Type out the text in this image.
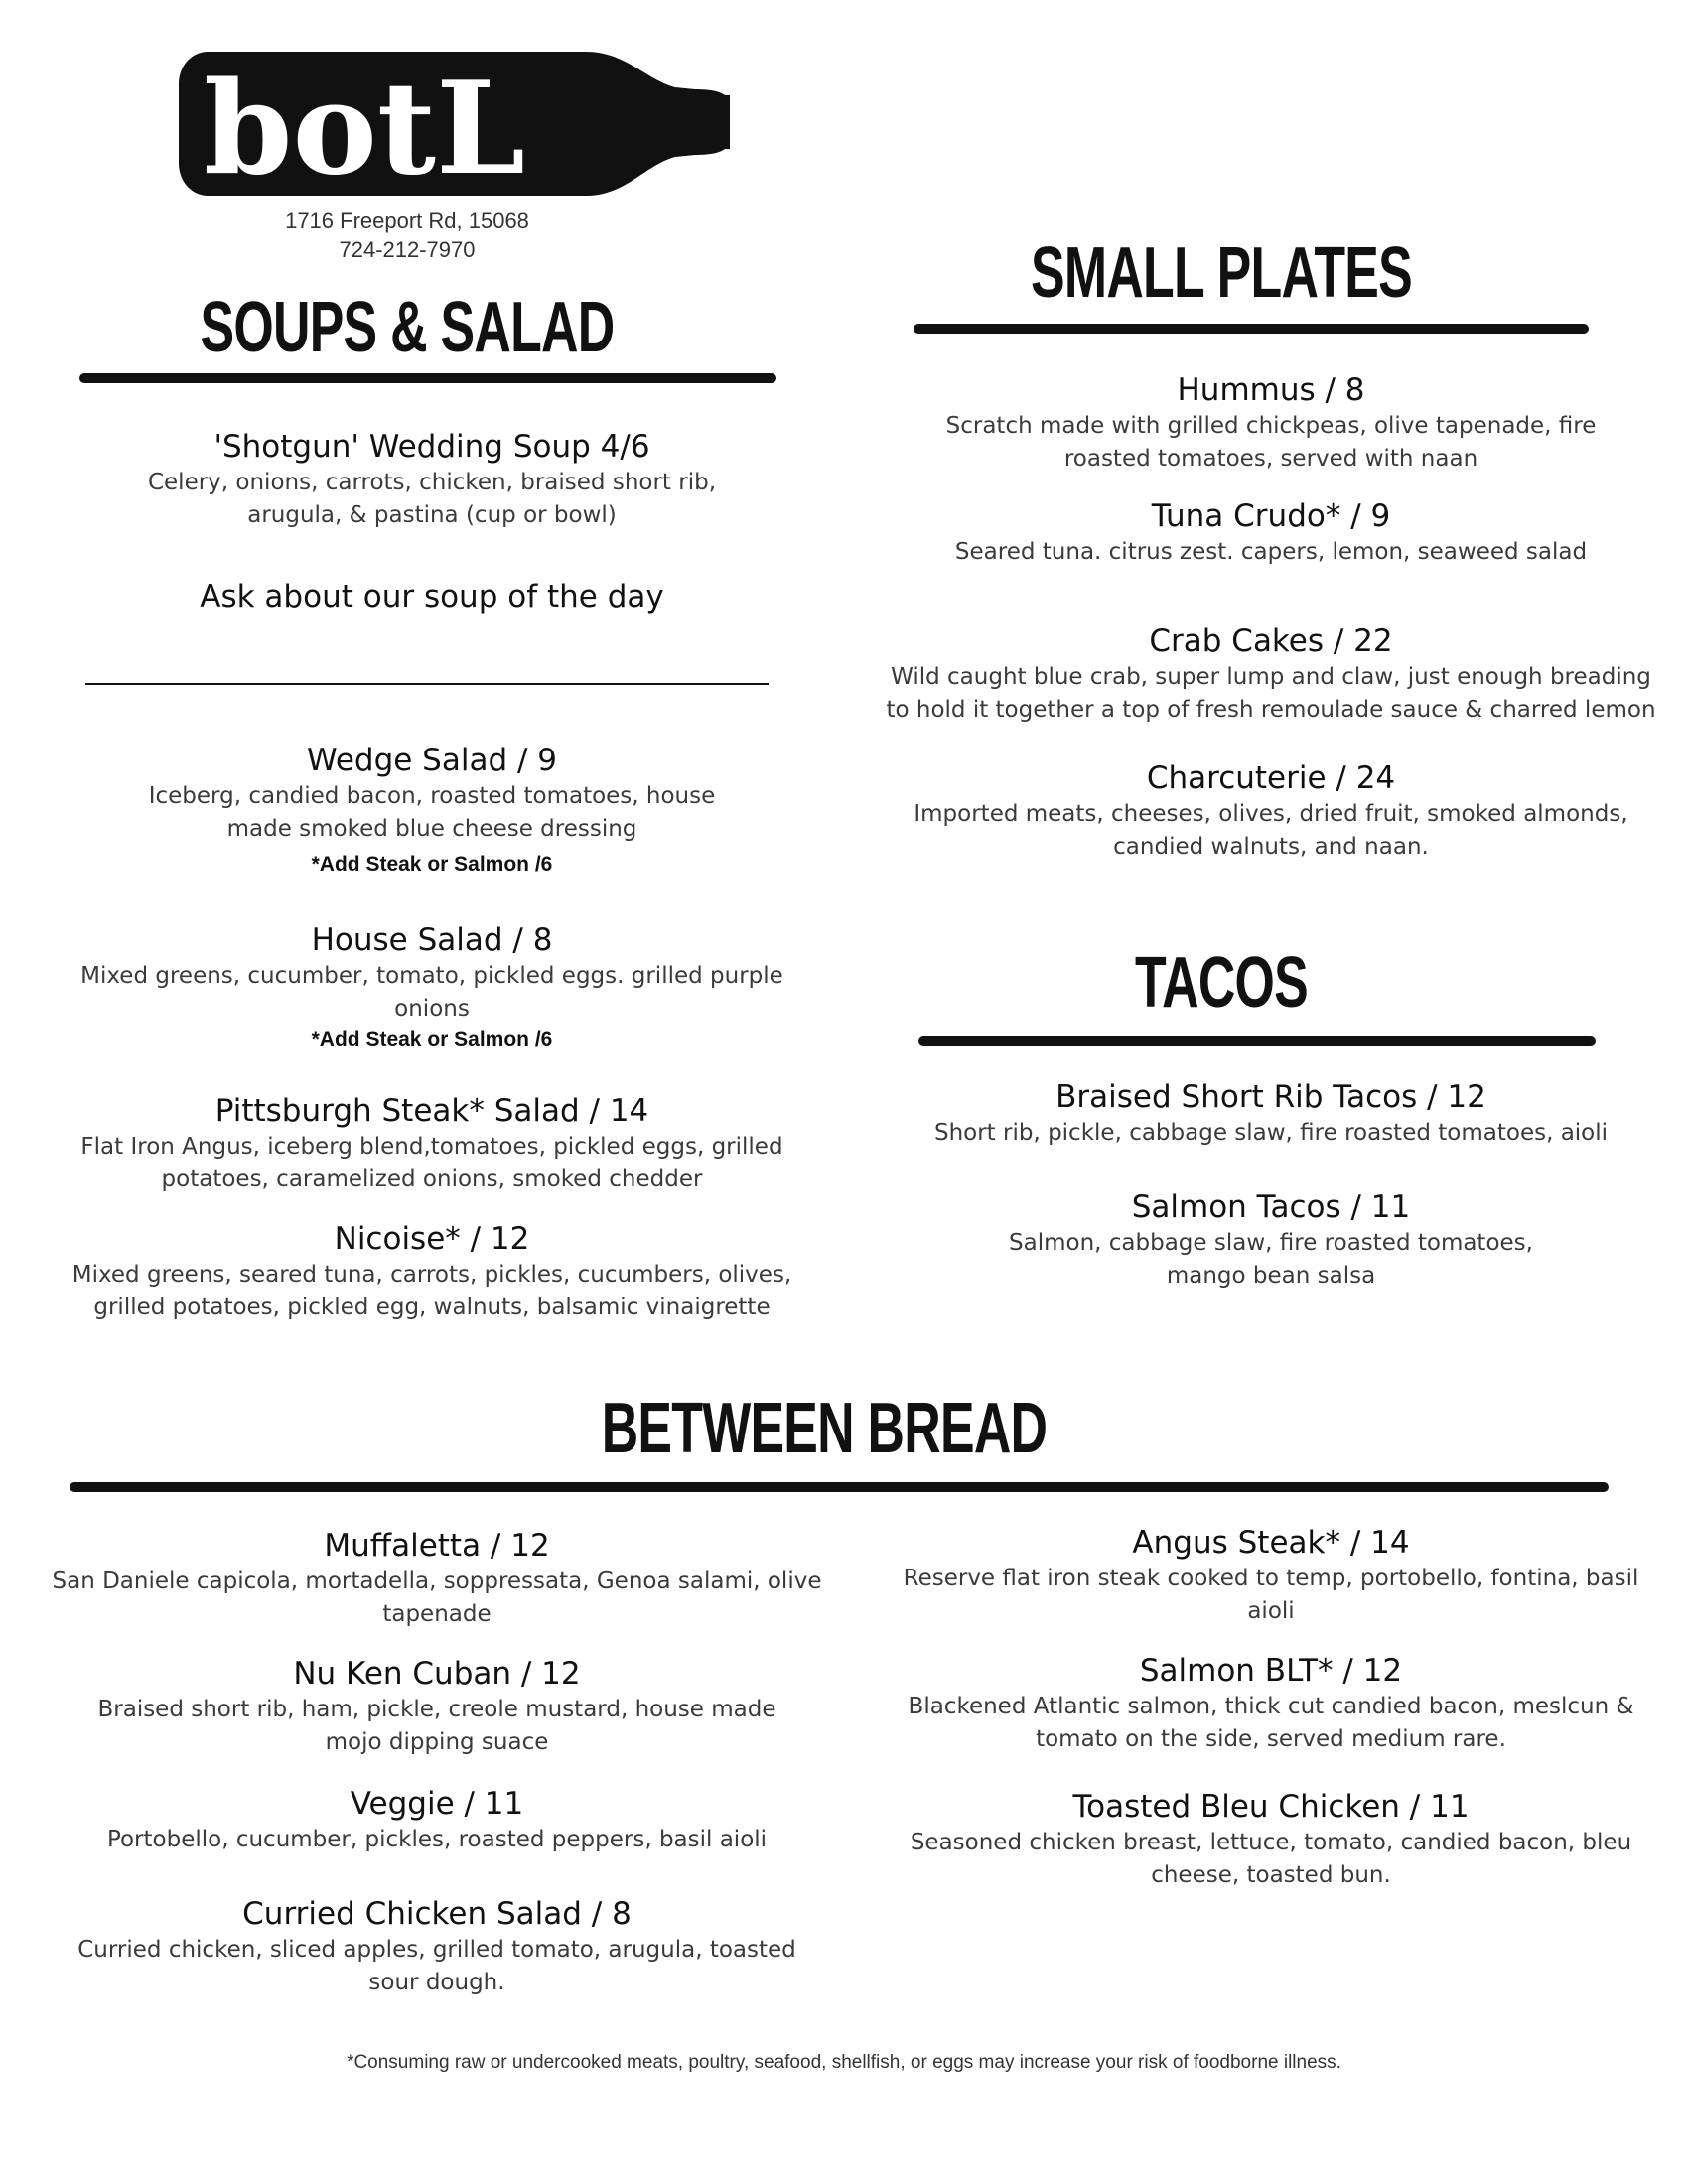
botL
1716 Freeport Rd, 15068
724-212-7970
SOUPS & SALAD
'Shotgun' Wedding Soup 4/6
Celery, onions, carrots, chicken, braised short rib, arugula, & pastina (cup or bowl)
Ask about our soup of the day
Wedge Salad / 9
Iceberg, candied bacon, roasted tomatoes, house made smoked blue cheese dressing
*Add Steak or Salmon /6
House Salad / 8
Mixed greens, cucumber, tomato, pickled eggs. grilled purple onions
*Add Steak or Salmon /6
Pittsburgh Steak* Salad / 14
Flat Iron Angus, iceberg blend,tomatoes, pickled eggs, grilled potatoes, caramelized onions, smoked chedder
Nicoise* / 12
Mixed greens, seared tuna, carrots, pickles, cucumbers, olives, grilled potatoes, pickled egg, walnuts, balsamic vinaigrette
SMALL PLATES
Hummus / 8
Scratch made with grilled chickpeas, olive tapenade, fire roasted tomatoes, served with naan
Tuna Crudo* / 9
Seared tuna. citrus zest. capers, lemon, seaweed salad
Crab Cakes / 22
Wild caught blue crab, super lump and claw, just enough breading to hold it together a top of fresh remoulade sauce & charred lemon
Charcuterie / 24
Imported meats, cheeses, olives, dried fruit, smoked almonds, candied walnuts, and naan.
TACOS
Braised Short Rib Tacos / 12
Short rib, pickle, cabbage slaw, fire roasted tomatoes, aioli
Salmon Tacos / 11
Salmon, cabbage slaw, fire roasted tomatoes, mango bean salsa
BETWEEN BREAD
Muffaletta / 12
San Daniele capicola, mortadella, soppressata, Genoa salami, olive tapenade
Nu Ken Cuban / 12
Braised short rib, ham, pickle, creole mustard, house made mojo dipping suace
Veggie / 11
Portobello, cucumber, pickles, roasted peppers, basil aioli
Curried Chicken Salad / 8
Curried chicken, sliced apples, grilled tomato, arugula, toasted sour dough.
Angus Steak* / 14
Reserve flat iron steak cooked to temp, portobello, fontina, basil aioli
Salmon BLT* / 12
Blackened Atlantic salmon, thick cut candied bacon, meslcun & tomato on the side, served medium rare.
Toasted Bleu Chicken / 11
Seasoned chicken breast, lettuce, tomato, candied bacon, bleu cheese, toasted bun.
*Consuming raw or undercooked meats, poultry, seafood, shellfish, or eggs may increase your risk of foodborne illness.
